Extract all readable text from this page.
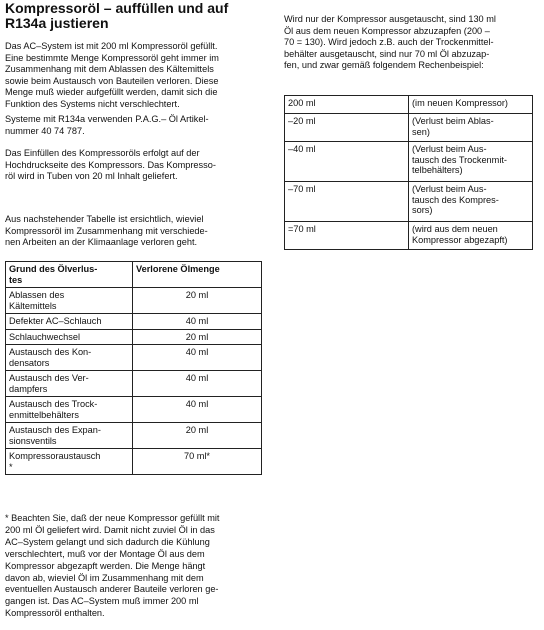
Kompressoröl – auffüllen und auf
R134a justieren

Das AC–System ist mit 200 ml Kompressoröl gefüllt.
Eine bestimmte Menge Kompressoröl geht immer im
Zusammenhang mit dem Ablassen des Kältemittels
sowie beim Austausch von Bauteilen verloren. Diese
Menge muß wieder aufgefüllt werden, damit sich die
Funktion des Systems nicht verschlechtert.

Systeme mit R134a verwenden P.A.G.– Öl Artikel-
nummer 40 74 787.

Das Einfüllen des Kompressoröls erfolgt auf der
Hochdruckseite des Kompressors. Das Kompresso-
röl wird in Tuben von 20 ml Inhalt geliefert.

Aus nachstehender Tabelle ist ersichtlich, wieviel
Kompressoröl im Zusammenhang mit verschiede-
nen Arbeiten an der Klimaanlage verloren geht.

Grund des Ölverlus-
tes	Verlorene Ölmenge
Ablassen des
Kältemittels	20 ml
Defekter AC–Schlauch	40 ml
Schlauchwechsel	20 ml
Austausch des Kon-
densators	40 ml
Austausch des Ver-
dampfers	40 ml
Austausch des Trock-
enmittelbehälters	40 ml
Austausch des Expan-
sionsventils	20 ml
Kompressoraustausch
*	70 ml*

* Beachten Sie, daß der neue Kompressor gefüllt mit
200 ml Öl geliefert wird. Damit nicht zuviel Öl in das
AC–System gelangt und sich dadurch die Kühlung
verschlechtert, muß vor der Montage Öl aus dem
Kompressor abgezapft werden. Die Menge hängt
davon ab, wieviel Öl im Zusammenhang mit dem
eventuellen Austausch anderer Bauteile verloren ge-
gangen ist. Das AC–System muß immer 200 ml
Kompressoröl enthalten.

Wird nur der Kompressor ausgetauscht, sind 130 ml
Öl aus dem neuen Kompressor abzuzapfen (200 –
70 = 130). Wird jedoch z.B. auch der Trockenmittel-
behälter ausgetauscht, sind nur 70 ml Öl abzuzap-
fen, und zwar gemäß folgendem Rechenbeispiel:

200 ml	(im neuen Kompressor)
–20 ml	(Verlust beim Ablas-
sen)
–40 ml	(Verlust beim Aus-
tausch des Trockenmit-
telbehälters)
–70 ml	(Verlust beim Aus-
tausch des Kompres-
sors)
=70 ml	(wird aus dem neuen
Kompressor abgezapft)
